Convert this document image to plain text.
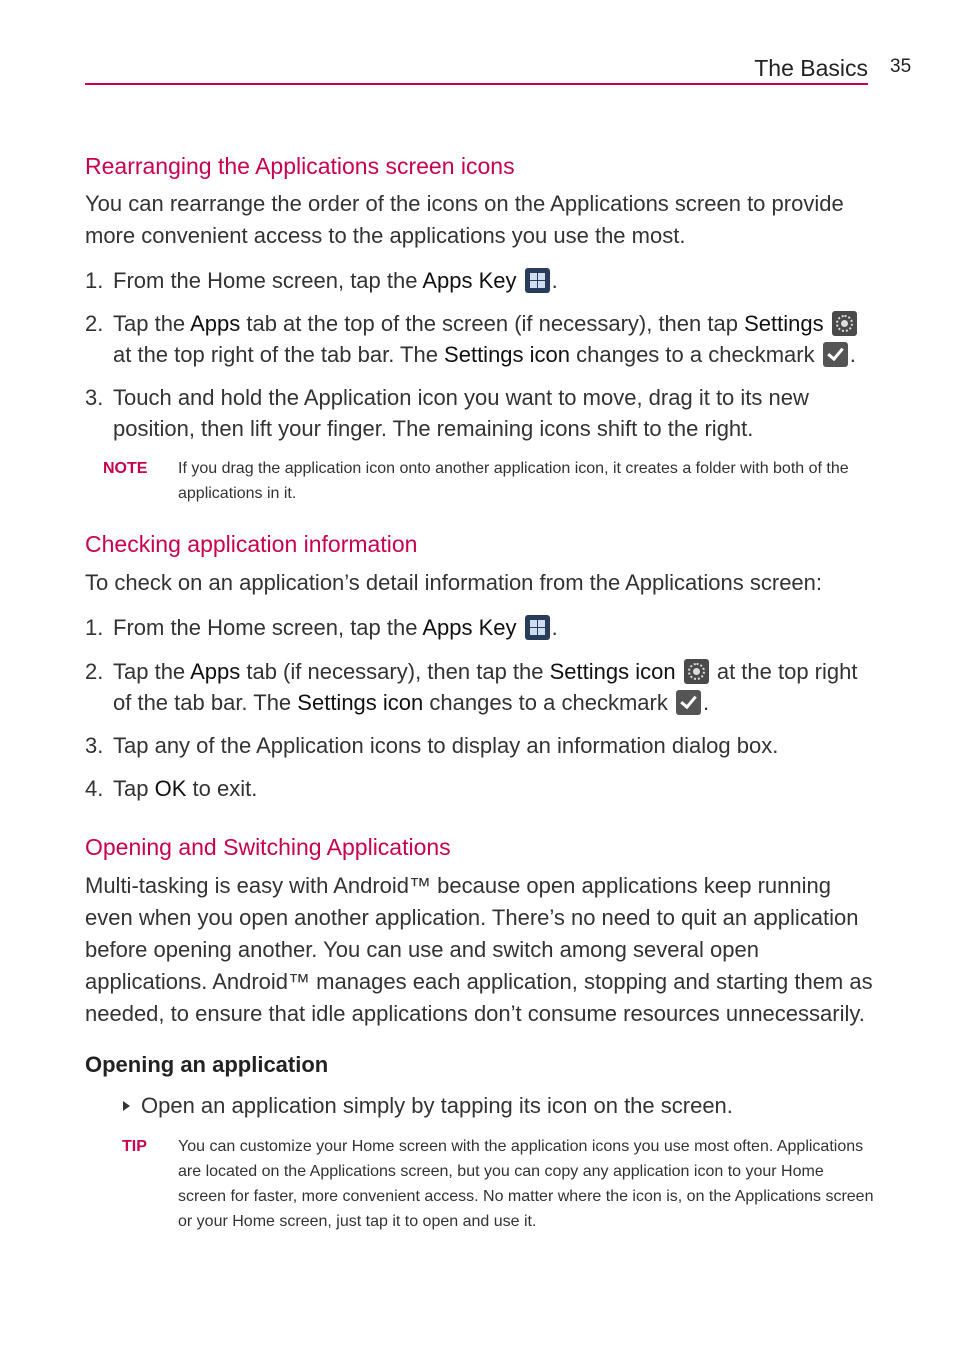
The Basics 35
Rearranging the Applications screen icons

You can rearrange the order of the icons on the Applications screen to provide more convenient access to the applications you use the most.

1. From the Home screen, tap the Apps Key .
2. Tap the Apps tab at the top of the screen (if necessary), then tap Settings  at the top right of the tab bar. The Settings icon changes to a checkmark .
3. Touch and hold the Application icon you want to move, drag it to its new position, then lift your finger. The remaining icons shift to the right.
NOTE If you drag the application icon onto another application icon, it creates a folder with both of the applications in it.
Checking application information

To check on an application’s detail information from the Applications screen:

1. From the Home screen, tap the Apps Key .
2. Tap the Apps tab (if necessary), then tap the Settings icon  at the top right of the tab bar. The Settings icon changes to a checkmark .
3. Tap any of the Application icons to display an information dialog box.
4. Tap OK to exit.
Opening and Switching Applications

Multi-tasking is easy with Android™ because open applications keep running even when you open another application. There’s no need to quit an application before opening another. You can use and switch among several open applications. Android™ manages each application, stopping and starting them as needed, to ensure that idle applications don’t consume resources unnecessarily.

Opening an application
Open an application simply by tapping its icon on the screen.
TIP You can customize your Home screen with the application icons you use most often. Applications are located on the Applications screen, but you can copy any application icon to your Home screen for faster, more convenient access. No matter where the icon is, on the Applications screen or your Home screen, just tap it to open and use it.
